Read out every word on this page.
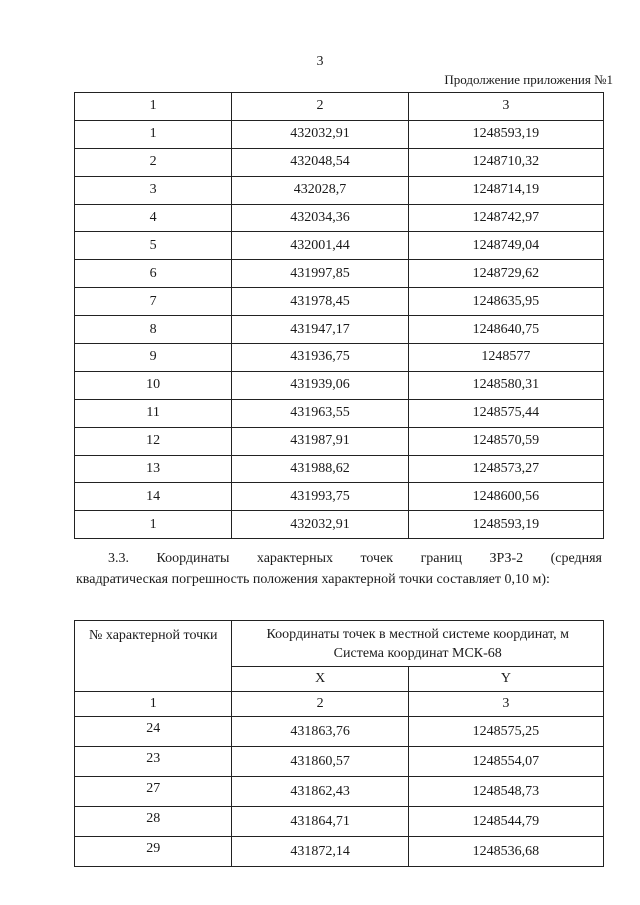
3
Продолжение приложения №1
1	2	3
1	432032,91	1248593,19
2	432048,54	1248710,32
3	432028,7	1248714,19
4	432034,36	1248742,97
5	432001,44	1248749,04
6	431997,85	1248729,62
7	431978,45	1248635,95
8	431947,17	1248640,75
9	431936,75	1248577
10	431939,06	1248580,31
11	431963,55	1248575,44
12	431987,91	1248570,59
13	431988,62	1248573,27
14	431993,75	1248600,56
1	432032,91	1248593,19
3.3. Координаты характерных точек границ ЗРЗ-2 (средняя
квадратическая погрешность положения характерной точки составляет 0,10 м):
№ характерной точки	Координаты точек в местной системе координат, м
Система координат МСК-68	

	X	Y
1	2	3
24	431863,76	1248575,25
23	431860,57	1248554,07
27	431862,43	1248548,73
28	431864,71	1248544,79
29	431872,14	1248536,68
